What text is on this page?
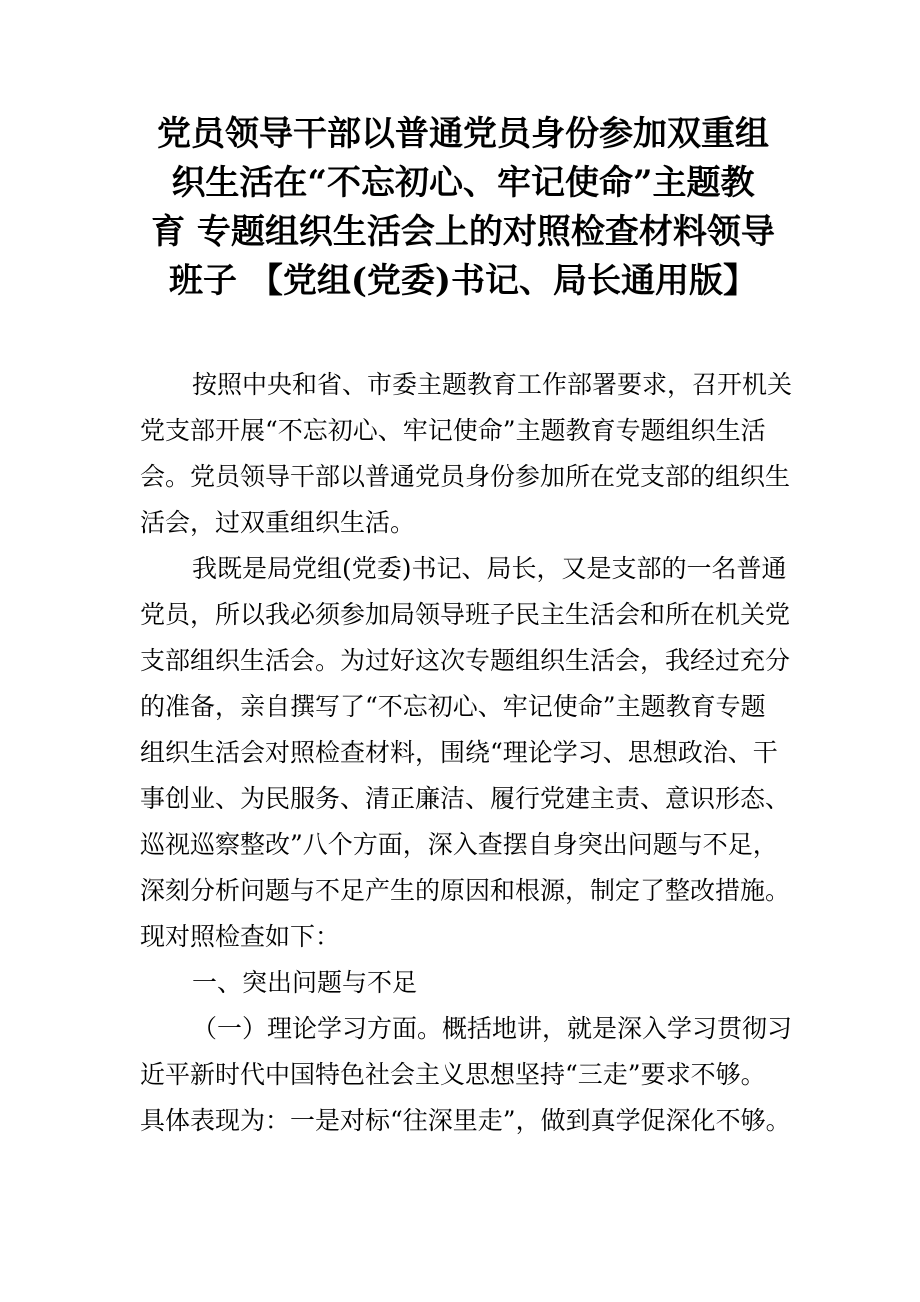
党员领导干部以普通党员身份参加双重组
织生活在“不忘初心、牢记使命”主题教
育 专题组织生活会上的对照检查材料领导
班子 【党组(党委)书记、局长通用版】

按照中央和省、市委主题教育工作部署要求，召开机关
党支部开展“不忘初心、牢记使命”主题教育专题组织生活
会。党员领导干部以普通党员身份参加所在党支部的组织生
活会，过双重组织生活。

我既是局党组(党委)书记、局长，又是支部的一名普通
党员，所以我必须参加局领导班子民主生活会和所在机关党
支部组织生活会。为过好这次专题组织生活会，我经过充分
的准备，亲自撰写了“不忘初心、牢记使命”主题教育专题
组织生活会对照检查材料，围绕“理论学习、思想政治、干
事创业、为民服务、清正廉洁、履行党建主责、意识形态、
巡视巡察整改”八个方面，深入查摆自身突出问题与不足，
深刻分析问题与不足产生的原因和根源，制定了整改措施。
现对照检查如下：

一、突出问题与不足

（一）理论学习方面。概括地讲，就是深入学习贯彻习
近平新时代中国特色社会主义思想坚持“三走”要求不够。
具体表现为：一是对标“往深里走”，做到真学促深化不够。
